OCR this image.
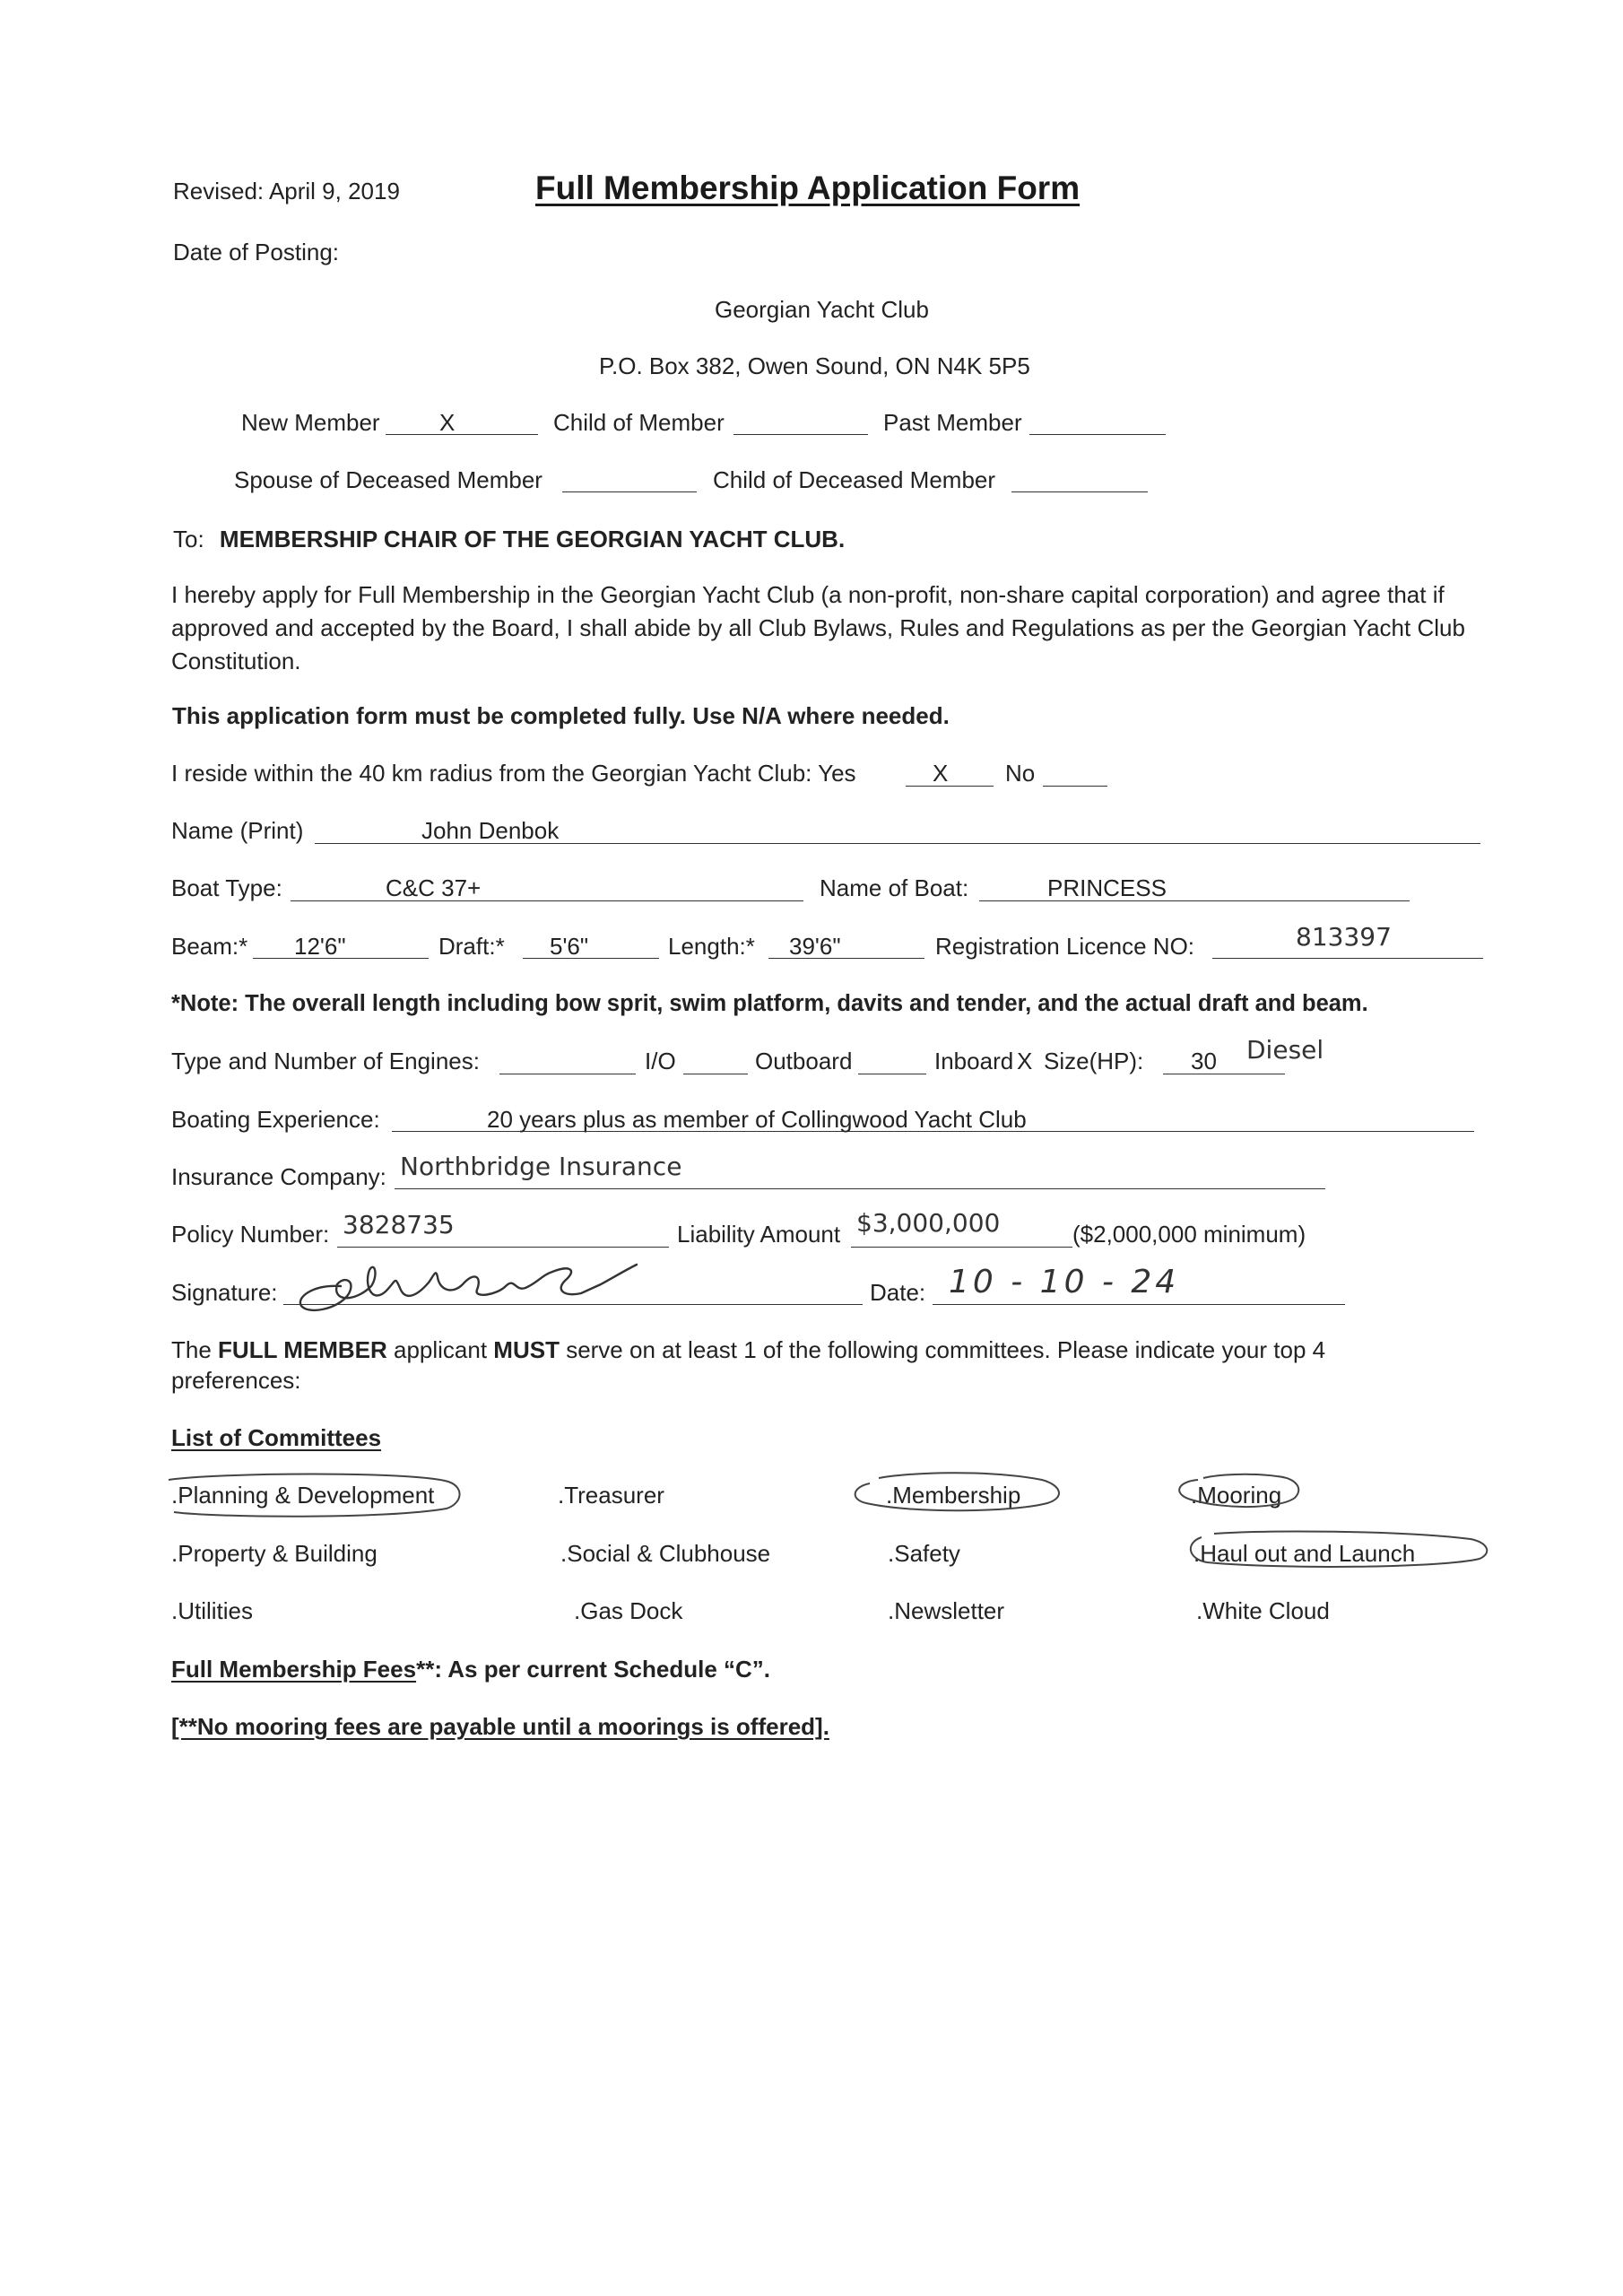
Revised: April 9, 2019	Full Membership Application Form
Date of Posting:
Georgian Yacht Club
P.O. Box 382, Owen Sound, ON N4K 5P5
New Member	X	Child of Member	Past Member
Spouse of Deceased Member	Child of Deceased Member
To: MEMBERSHIP CHAIR OF THE GEORGIAN YACHT CLUB.
I hereby apply for Full Membership in the Georgian Yacht Club (a non-profit, non-share capital corporation) and agree that if approved and accepted by the Board, I shall abide by all Club Bylaws, Rules and Regulations as per the Georgian Yacht Club Constitution.
This application form must be completed fully. Use N/A where needed.
I reside within the 40 km radius from the Georgian Yacht Club: Yes	X No
Name (Print)	John Denbok
Boat Type:	C&C 37+	Name of Boat:	PRINCESS
Beam:* 12'6"	Draft:* 5'6"	Length:* 39'6"	Registration Licence NO:	813397
*Note: The overall length including bow sprit, swim platform, davits and tender, and the actual draft and beam.
Type and Number of Engines:	I/O	Outboard	Inboard X Size(HP): 30 Diesel
Boating Experience:	20 years plus as member of Collingwood Yacht Club
Insurance Company: Northbridge Insurance
Policy Number: 3828735	Liability Amount $3,000,000	($2,000,000 minimum)
Signature:	Date: 10 - 10 - 24
The FULL MEMBER applicant MUST serve on at least 1 of the following committees. Please indicate your top 4
preferences:
List of Committees
.Planning & Development	.Treasurer	.Membership	.Mooring
.Property & Building	.Social & Clubhouse	.Safety	.Haul out and Launch
.Utilities	.Gas Dock	.Newsletter	.White Cloud
Full Membership Fees**: As per current Schedule “C”.
[**No mooring fees are payable until a moorings is offered].
